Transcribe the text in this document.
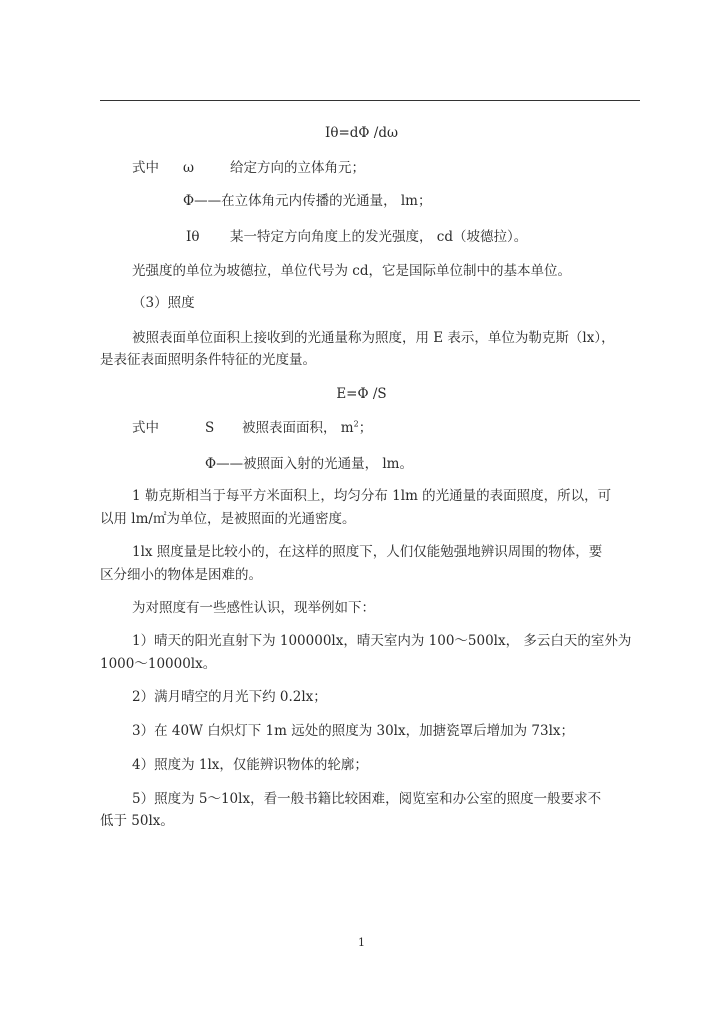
Iθ=dΦ /dω
式中 ω	给定方向的立体角元；
Φ——在立体角元内传播的光通量， lm；
Iθ 某一特定方向角度上的发光强度， cd（坡德拉）。
光强度的单位为坡德拉，单位代号为 cd，它是国际单位制中的基本单位。
（3）照度
被照表面单位面积上接收到的光通量称为照度，用 E 表示，单位为勒克斯（lx），
是表征表面照明条件特征的光度量。
E=Φ /S
式中	S 被照表面面积， $m^2$；
Φ——被照面入射的光通量， lm。
1 勒克斯相当于每平方米面积上，均匀分布 1lm 的光通量的表面照度，所以，可
以用 lm/㎡为单位，是被照面的光通密度。
1lx 照度量是比较小的，在这样的照度下，人们仅能勉强地辨识周围的物体，要
区分细小的物体是困难的。
为对照度有一些感性认识，现举例如下：
1）晴天的阳光直射下为 100000lx，晴天室内为 100～500lx， 多云白天的室外为
1000～10000lx。
2）满月晴空的月光下约 0.2lx；
3）在 40W 白炽灯下 1m 远处的照度为 30lx，加搪瓷罩后增加为 73lx；
4）照度为 1lx，仅能辨识物体的轮廓；
5）照度为 5～10lx，看一般书籍比较困难，阅览室和办公室的照度一般要求不
低于 50lx。
1
